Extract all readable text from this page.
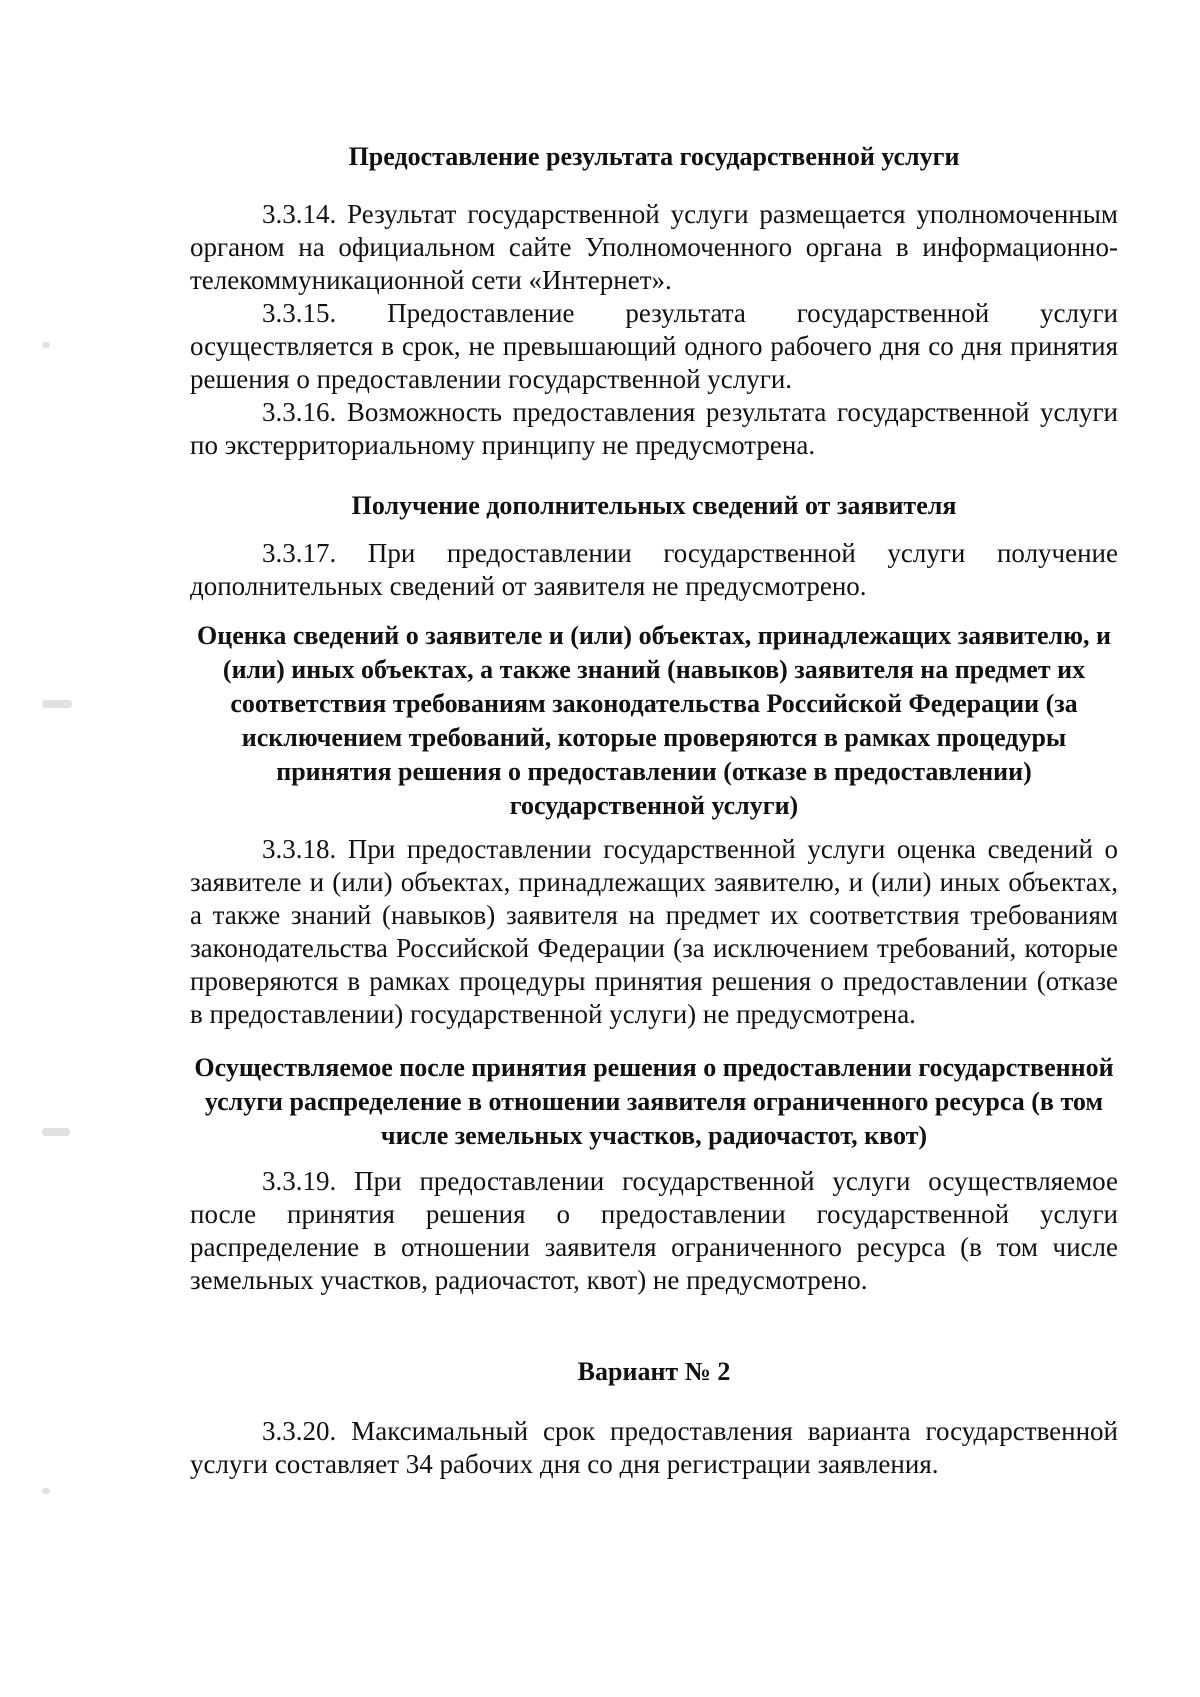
Предоставление результата государственной услуги

3.3.14. Результат государственной услуги размещается уполномоченным органом на официальном сайте Уполномоченного органа в информационно-телекоммуникационной сети «Интернет».

3.3.15. Предоставление результата государственной услуги осуществляется в срок, не превышающий одного рабочего дня со дня принятия решения о предоставлении государственной услуги.

3.3.16. Возможность предоставления результата государственной услуги по экстерриториальному принципу не предусмотрена.

Получение дополнительных сведений от заявителя

3.3.17. При предоставлении государственной услуги получение дополнительных сведений от заявителя не предусмотрено.

Оценка сведений о заявителе и (или) объектах, принадлежащих заявителю, и (или) иных объектах, а также знаний (навыков) заявителя на предмет их соответствия требованиям законодательства Российской Федерации (за исключением требований, которые проверяются в рамках процедуры принятия решения о предоставлении (отказе в предоставлении) государственной услуги)

3.3.18. При предоставлении государственной услуги оценка сведений о заявителе и (или) объектах, принадлежащих заявителю, и (или) иных объектах, а также знаний (навыков) заявителя на предмет их соответствия требованиям законодательства Российской Федерации (за исключением требований, которые проверяются в рамках процедуры принятия решения о предоставлении (отказе в предоставлении) государственной услуги) не предусмотрена.

Осуществляемое после принятия решения о предоставлении государственной услуги распределение в отношении заявителя ограниченного ресурса (в том числе земельных участков, радиочастот, квот)

3.3.19. При предоставлении государственной услуги осуществляемое после принятия решения о предоставлении государственной услуги распределение в отношении заявителя ограниченного ресурса (в том числе земельных участков, радиочастот, квот) не предусмотрено.

Вариант № 2

3.3.20. Максимальный срок предоставления варианта государственной услуги составляет 34 рабочих дня со дня регистрации заявления.
